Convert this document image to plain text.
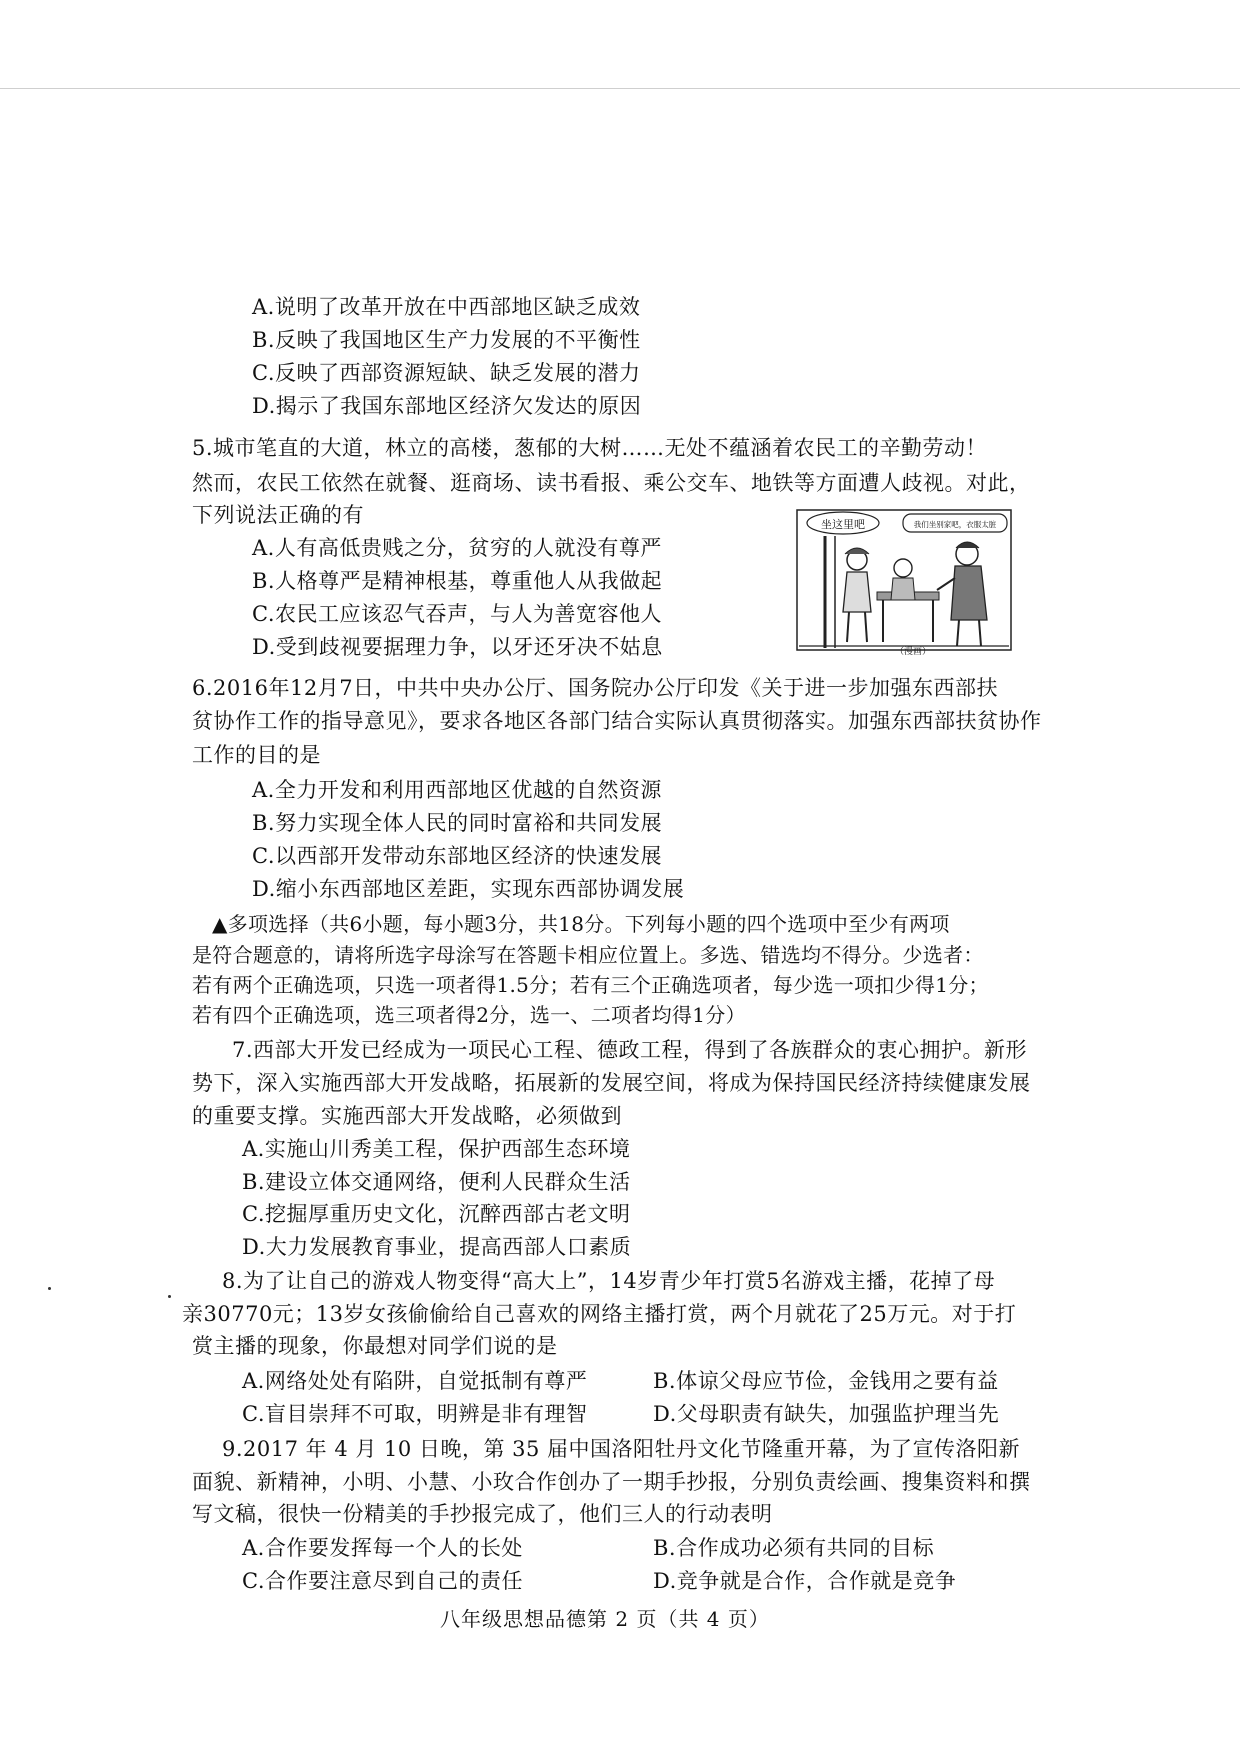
A.说明了改革开放在中西部地区缺乏成效
B.反映了我国地区生产力发展的不平衡性
C.反映了西部资源短缺、缺乏发展的潜力
D.揭示了我国东部地区经济欠发达的原因
5.城市笔直的大道，林立的高楼，葱郁的大树……无处不蕴涵着农民工的辛勤劳动！
然而，农民工依然在就餐、逛商场、读书看报、乘公交车、地铁等方面遭人歧视。对此，
下列说法正确的有
A.人有高低贵贱之分，贫穷的人就没有尊严
B.人格尊严是精神根基，尊重他人从我做起
C.农民工应该忍气吞声，与人为善宽容他人
D.受到歧视要据理力争，以牙还牙决不姑息
坐这里吧	我们坐别家吧，衣服太脏
（漫画）
6.2016年12月7日，中共中央办公厅、国务院办公厅印发《关于进一步加强东西部扶
贫协作工作的指导意见》，要求各地区各部门结合实际认真贯彻落实。加强东西部扶贫协作
工作的目的是
A.全力开发和利用西部地区优越的自然资源
B.努力实现全体人民的同时富裕和共同发展
C.以西部开发带动东部地区经济的快速发展
D.缩小东西部地区差距，实现东西部协调发展
▲多项选择（共6小题，每小题3分，共18分。下列每小题的四个选项中至少有两项
是符合题意的，请将所选字母涂写在答题卡相应位置上。多选、错选均不得分。少选者：
若有两个正确选项，只选一项者得1.5分；若有三个正确选项者，每少选一项扣少得1分；
若有四个正确选项，选三项者得2分，选一、二项者均得1分）
7.西部大开发已经成为一项民心工程、德政工程，得到了各族群众的衷心拥护。新形
势下，深入实施西部大开发战略，拓展新的发展空间，将成为保持国民经济持续健康发展
的重要支撑。实施西部大开发战略，必须做到
A.实施山川秀美工程，保护西部生态环境
B.建设立体交通网络，便利人民群众生活
C.挖掘厚重历史文化，沉醉西部古老文明
D.大力发展教育事业，提高西部人口素质
8.为了让自己的游戏人物变得“高大上”，14岁青少年打赏5名游戏主播，花掉了母
亲30770元；13岁女孩偷偷给自己喜欢的网络主播打赏，两个月就花了25万元。对于打
赏主播的现象，你最想对同学们说的是
A.网络处处有陷阱，自觉抵制有尊严	B.体谅父母应节俭，金钱用之要有益
C.盲目崇拜不可取，明辨是非有理智	D.父母职责有缺失，加强监护理当先
9.2017 年 4 月 10 日晚，第 35 届中国洛阳牡丹文化节隆重开幕，为了宣传洛阳新
面貌、新精神，小明、小慧、小玫合作创办了一期手抄报，分别负责绘画、搜集资料和撰
写文稿，很快一份精美的手抄报完成了，他们三人的行动表明
A.合作要发挥每一个人的长处	B.合作成功必须有共同的目标
C.合作要注意尽到自己的责任	D.竞争就是合作，合作就是竞争
八年级思想品德第 2 页（共 4 页）
